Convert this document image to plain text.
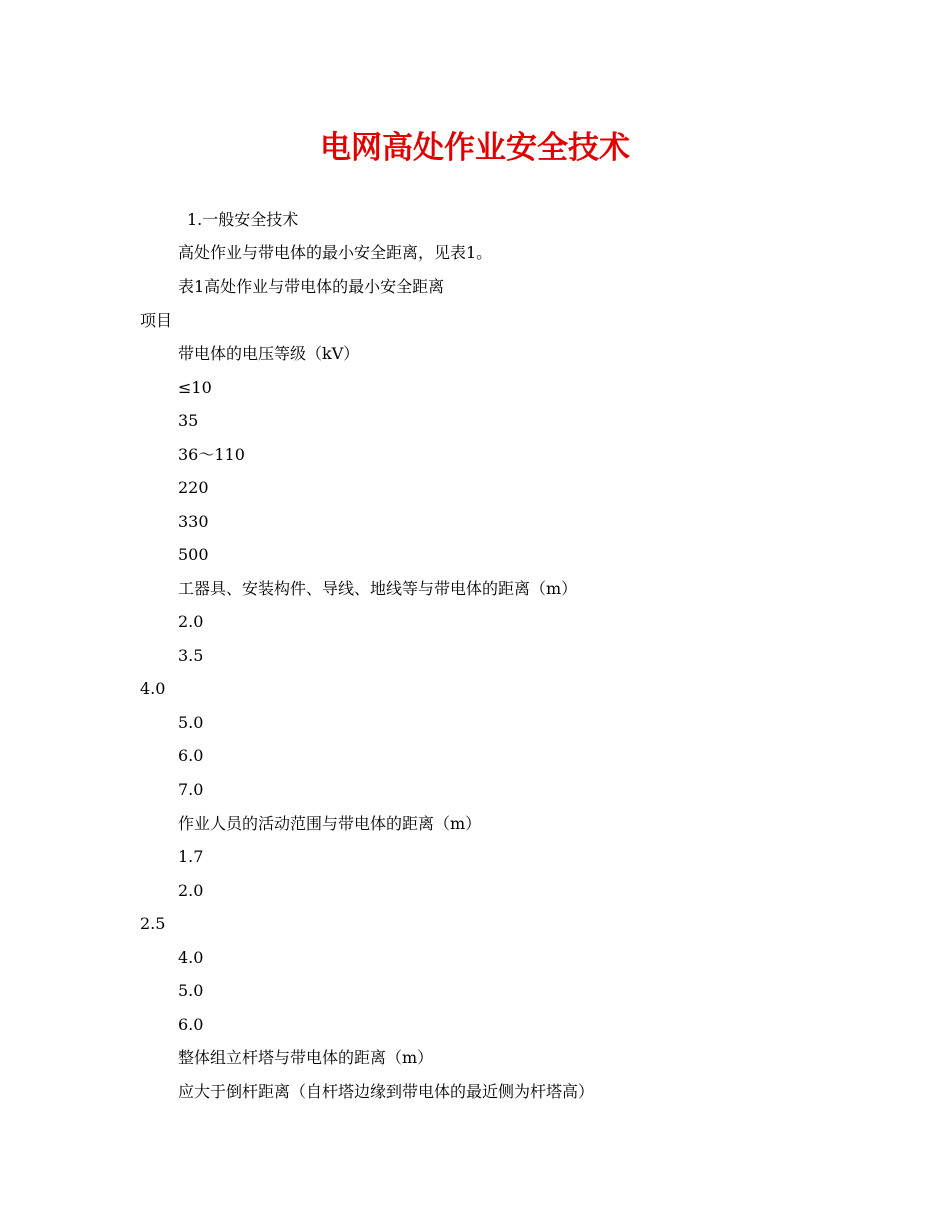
电网高处作业安全技术
1.一般安全技术
高处作业与带电体的最小安全距离，见表1。
表1高处作业与带电体的最小安全距离
项目
带电体的电压等级（kV）
≤10
35
36～110
220
330
500
工器具、安装构件、导线、地线等与带电体的距离（m）
2.0
3.5
4.0
5.0
6.0
7.0
作业人员的活动范围与带电体的距离（m）
1.7
2.0
2.5
4.0
5.0
6.0
整体组立杆塔与带电体的距离（m）
应大于倒杆距离（自杆塔边缘到带电体的最近侧为杆塔高）
